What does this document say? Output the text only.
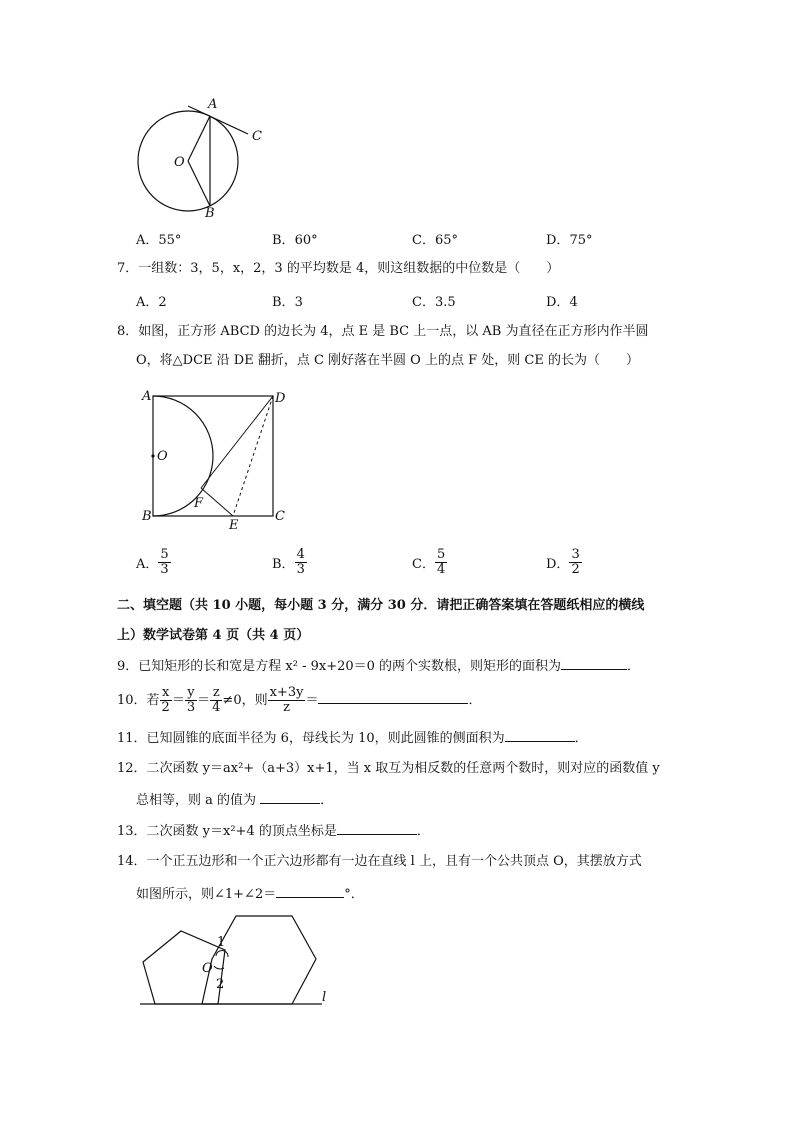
A
C
O
B
A．55°	B．60°	C．65°	D．75°
7．一组数：3，5，x，2，3 的平均数是 4，则这组数据的中位数是（　　）
A．2	B．3	C．3.5	D．4
8．如图，正方形 ABCD 的边长为 4，点 E 是 BC 上一点，以 AB 为直径在正方形内作半圆
O，将△DCE 沿 DE 翻折，点 C 刚好落在半圆 O 上的点 F 处，则 CE 的长为（　　）
A	D
O
F
B
E
C
A． $\frac{5}{3}$	B． $\frac{4}{3}$	C． $\frac{5}{4}$	D． $\frac{3}{2}$
二、填空题（共 10 小题，每小题 3 分，满分 30 分．请把正确答案填在答题纸相应的横线
上）数学试卷第 4 页（共 4 页）
9．已知矩形的长和宽是方程 x² - 9x+20＝0 的两个实数根，则矩形的面积为	．
10．若 $\frac{x}{2} = \frac{y}{3} = \frac{z}{4} \ne 0$，则 $\frac{x+3y}{z}$ ＝	．
11．已知圆锥的底面半径为 6，母线长为 10，则此圆锥的侧面积为	．
12．二次函数 y＝ax²+（a+3）x+1，当 x 取互为相反数的任意两个数时，则对应的函数值 y
总相等，则 a 的值为	．
13．二次函数 y＝x²+4 的顶点坐标是	．
14．一个正五边形和一个正六边形都有一边在直线 l 上，且有一个公共顶点 O，其摆放方式
如图所示，则∠1+∠2＝	°．
1
O
2
l
